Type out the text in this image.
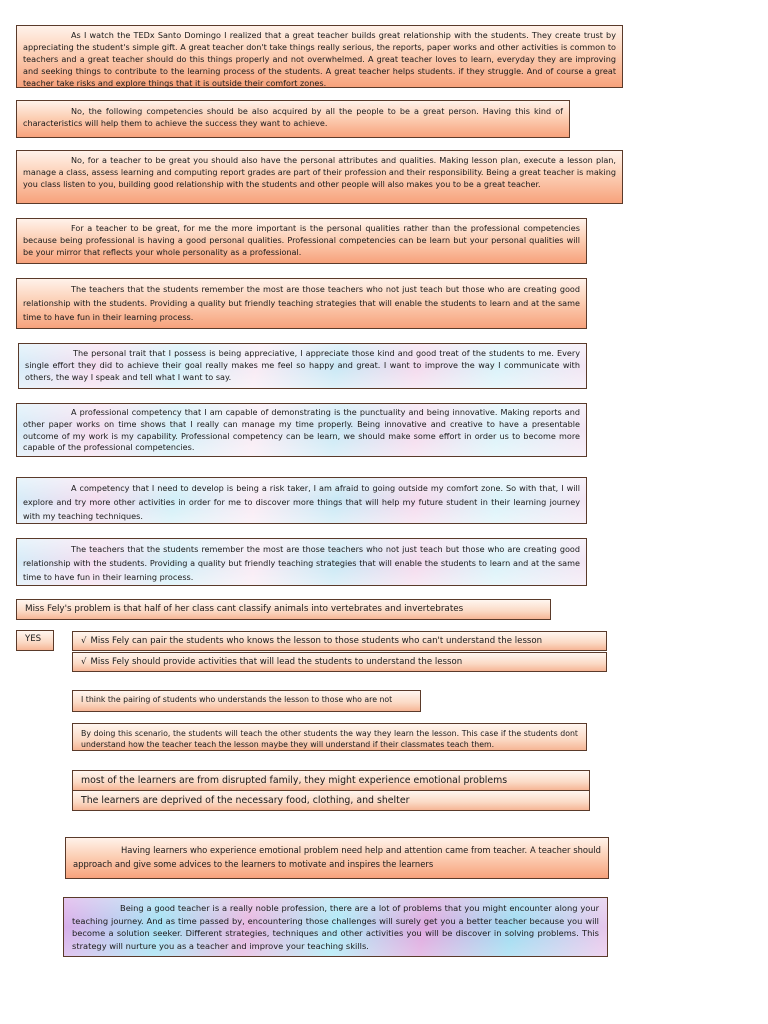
As I watch the TEDx Santo Domingo I realized that a great teacher builds great relationship with the students. They create trust by appreciating the student's simple gift. A great teacher don't take things really serious, the reports, paper works and other activities is common to teachers and a great teacher should do this things properly and not overwhelmed. A great teacher loves to learn, everyday they are improving and seeking things to contribute to the learning process of the students. A great teacher helps students. if they struggle. And of course a great teacher take risks and explore things that it is outside their comfort zones.

No, the following competencies should be also acquired by all the people to be a great person. Having this kind of characteristics will help them to achieve the success they want to achieve.

No, for a teacher to be great you should also have the personal attributes and qualities. Making lesson plan, execute a lesson plan, manage a class, assess learning and computing report grades are part of their profession and their responsibility. Being a great teacher is making you class listen to you, building good relationship with the students and other people will also makes you to be a great teacher.

For a teacher to be great, for me the more important is the personal qualities rather than the professional competencies because being professional is having a good personal qualities. Professional competencies can be learn but your personal qualities will be your mirror that reflects your whole personality as a professional.

The teachers that the students remember the most are those teachers who not just teach but those who are creating good relationship with the students. Providing a quality but friendly teaching strategies that will enable the students to learn and at the same time to have fun in their learning process.

The personal trait that I possess is being appreciative, I appreciate those kind and good treat of the students to me. Every single effort they did to achieve their goal really makes me feel so happy and great. I want to improve the way I communicate with others, the way I speak and tell what I want to say.

A professional competency that I am capable of demonstrating is the punctuality and being innovative. Making reports and other paper works on time shows that I really can manage my time properly. Being innovative and creative to have a presentable outcome of my work is my capability. Professional competency can be learn, we should make some effort in order us to become more capable of the professional competencies.

A competency that I need to develop is being a risk taker, I am afraid to going outside my comfort zone. So with that, I will explore and try more other activities in order for me to discover more things that will help my future student in their learning journey with my teaching techniques.

The teachers that the students remember the most are those teachers who not just teach but those who are creating good relationship with the students. Providing a quality but friendly teaching strategies that will enable the students to learn and at the same time to have fun in their learning process.

Miss Fely's problem is that half of her class cant classify animals into vertebrates and invertebrates
YES	√ Miss Fely can pair the students who knows the lesson to those students who can't understand the lesson
√ Miss Fely should provide activities that will lead the students to understand the lesson
I think the pairing of students who understands the lesson to those who are not

By doing this scenario, the students will teach the other students the way they learn the lesson. This case if the students dont understand how the teacher teach the lesson maybe they will understand if their classmates teach them.

most of the learners are from disrupted family, they might experience emotional problems
The learners are deprived of the necessary food, clothing, and shelter

Having learners who experience emotional problem need help and attention came from teacher. A teacher should approach and give some advices to the learners to motivate and inspires the learners

Being a good teacher is a really noble profession, there are a lot of problems that you might encounter along your teaching journey. And as time passed by, encountering those challenges will surely get you a better teacher because you will become a solution seeker. Different strategies, techniques and other activities you will be discover in solving problems. This strategy will nurture you as a teacher and improve your teaching skills.
